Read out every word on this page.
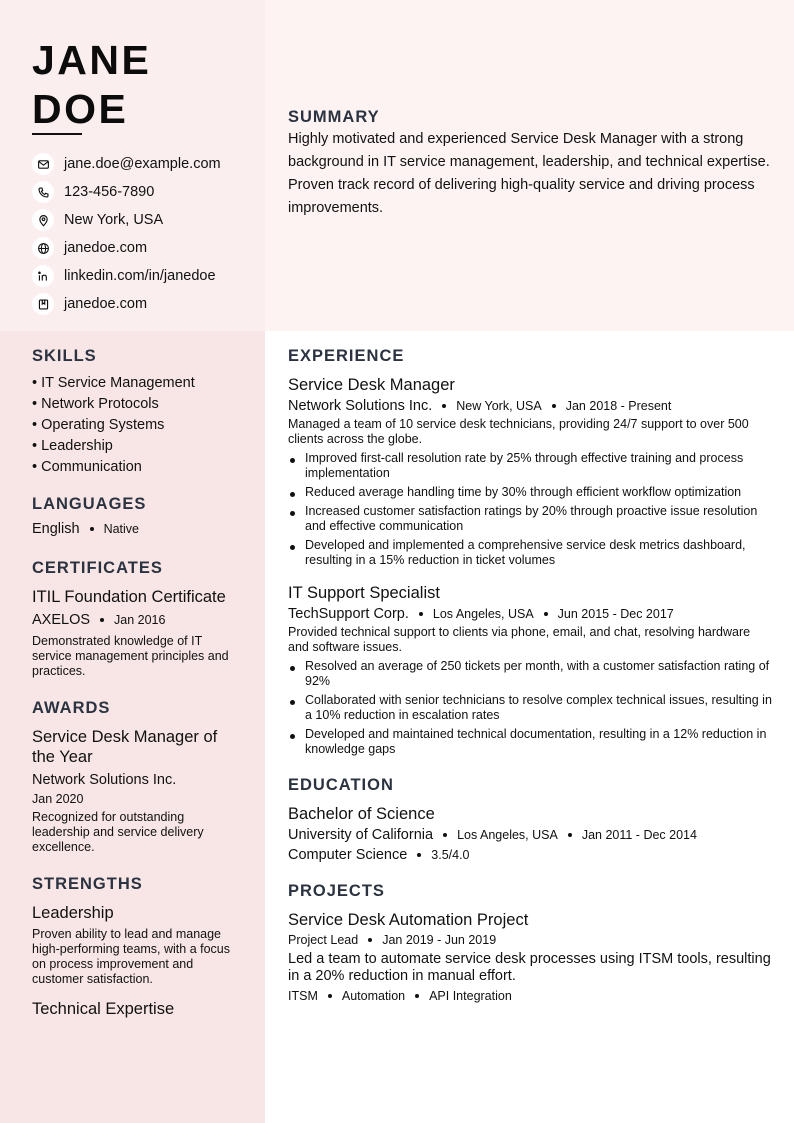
JANE
DOE
jane.doe@example.com
123-456-7890
New York, USA
janedoe.com
linkedin.com/in/janedoe
janedoe.com
SUMMARY
Highly motivated and experienced Service Desk Manager with a strong background in IT service management, leadership, and technical expertise. Proven track record of delivering high-quality service and driving process improvements.
SKILLS
• IT Service Management
• Network Protocols
• Operating Systems
• Leadership
• Communication
LANGUAGES
English Native
CERTIFICATES
ITIL Foundation Certificate
AXELOS Jan 2016
Demonstrated knowledge of IT service management principles and practices.
AWARDS
Service Desk Manager of the Year
Network Solutions Inc.
Jan 2020
Recognized for outstanding leadership and service delivery excellence.
STRENGTHS
Leadership
Proven ability to lead and manage high-performing teams, with a focus on process improvement and customer satisfaction.
Technical Expertise
EXPERIENCE
Service Desk Manager
Network Solutions Inc. New York, USA Jan 2018 - Present
Managed a team of 10 service desk technicians, providing 24/7 support to over 500 clients across the globe.
Improved first-call resolution rate by 25% through effective training and process implementation
Reduced average handling time by 30% through efficient workflow optimization
Increased customer satisfaction ratings by 20% through proactive issue resolution and effective communication
Developed and implemented a comprehensive service desk metrics dashboard, resulting in a 15% reduction in ticket volumes
IT Support Specialist
TechSupport Corp. Los Angeles, USA Jun 2015 - Dec 2017
Provided technical support to clients via phone, email, and chat, resolving hardware and software issues.
Resolved an average of 250 tickets per month, with a customer satisfaction rating of 92%
Collaborated with senior technicians to resolve complex technical issues, resulting in a 10% reduction in escalation rates
Developed and maintained technical documentation, resulting in a 12% reduction in knowledge gaps
EDUCATION
Bachelor of Science
University of California Los Angeles, USA Jan 2011 - Dec 2014
Computer Science 3.5/4.0
PROJECTS
Service Desk Automation Project
Project Lead Jan 2019 - Jun 2019
Led a team to automate service desk processes using ITSM tools, resulting in a 20% reduction in manual effort.
ITSM Automation API Integration
